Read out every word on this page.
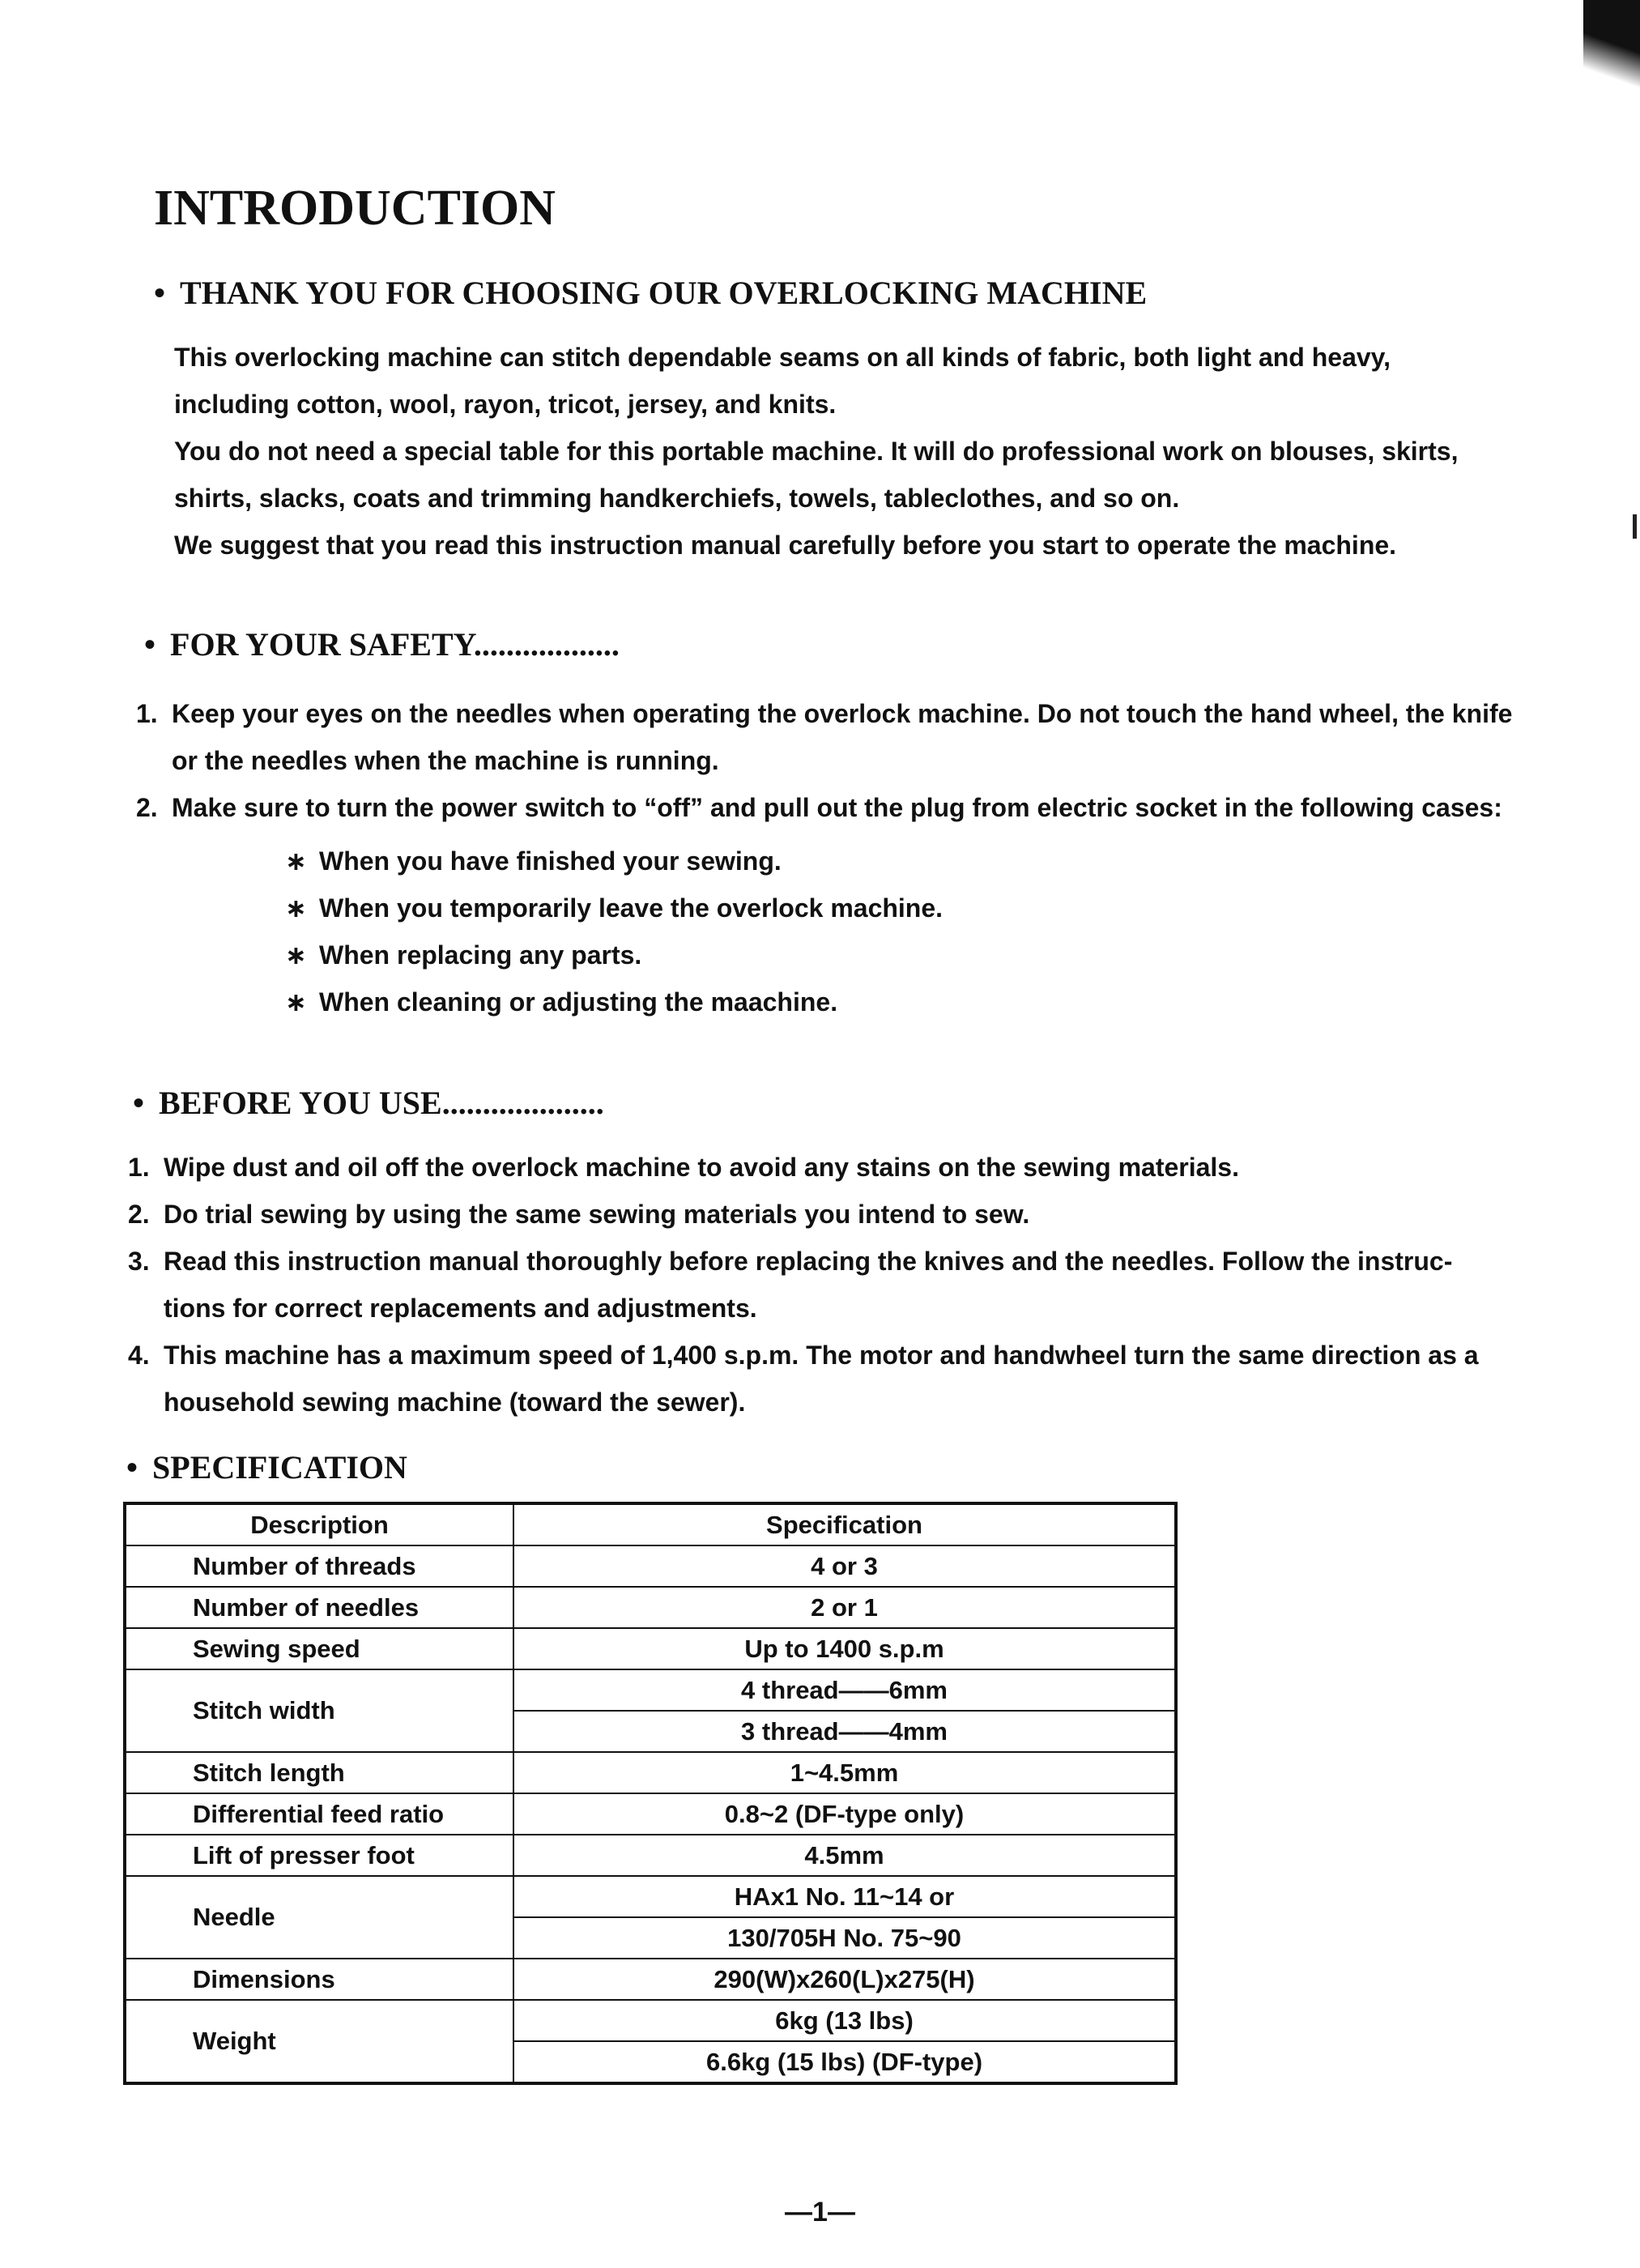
INTRODUCTION
• THANK YOU FOR CHOOSING OUR OVERLOCKING MACHINE

This overlocking machine can stitch dependable seams on all kinds of fabric, both light and heavy,

including cotton, wool, rayon, tricot, jersey, and knits.

You do not need a special table for this portable machine. It will do professional work on blouses, skirts,

shirts, slacks, coats and trimming handkerchiefs, towels, tableclothes, and so on.

We suggest that you read this instruction manual carefully before you start to operate the machine.

• FOR YOUR SAFETY..................
1. Keep your eyes on the needles when operating the overlock machine. Do not touch the hand wheel, the knife
or the needles when the machine is running.
2. Make sure to turn the power switch to “off” and pull out the plug from electric socket in the following cases:
∗ When you have finished your sewing.
∗ When you temporarily leave the overlock machine.
∗ When replacing any parts.
∗ When cleaning or adjusting the maachine.
• BEFORE YOU USE....................
1. Wipe dust and oil off the overlock machine to avoid any stains on the sewing materials.
2. Do trial sewing by using the same sewing materials you intend to sew.
3. Read this instruction manual thoroughly before replacing the knives and the needles. Follow the instruc-
tions for correct replacements and adjustments.
4. This machine has a maximum speed of 1,400 s.p.m. The motor and handwheel turn the same direction as a
household sewing machine (toward the sewer).
• SPECIFICATION
Description	Specification
Number of threads	4 or 3
Number of needles	2 or 1
Sewing speed	Up to 1400 s.p.m
Stitch width	4 thread——6mm
	3 thread——4mm
Stitch length	1~4.5mm
Differential feed ratio	0.8~2 (DF-type only)
Lift of presser foot	4.5mm
Needle	HAx1 No. 11~14 or
	130/705H No. 75~90
Dimensions	290(W)x260(L)x275(H)
Weight	6kg (13 lbs)
	6.6kg (15 lbs) (DF-type)
—1—
